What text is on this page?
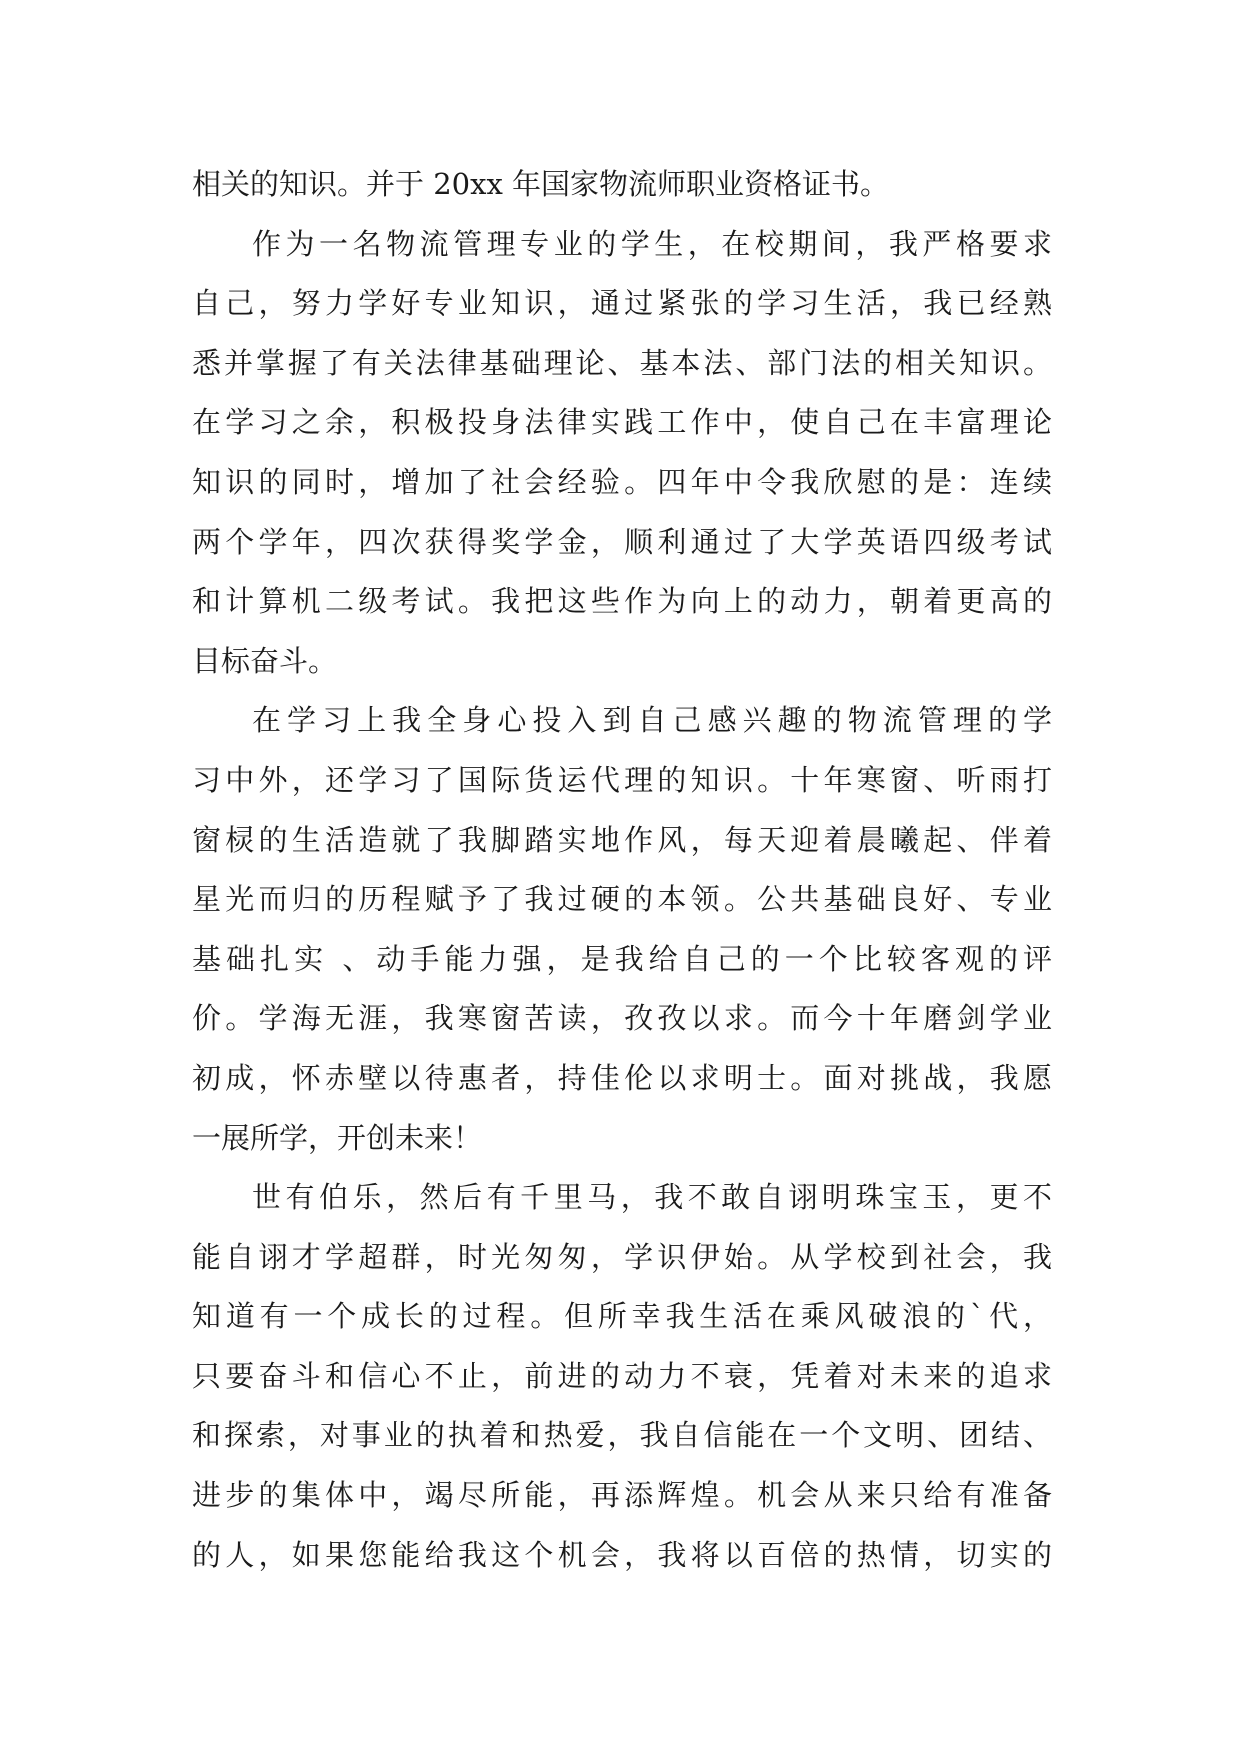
相关的知识。并于 20xx 年国家物流师职业资格证书。
作为一名物流管理专业的学生，在校期间，我严格要求
自己，努力学好专业知识，通过紧张的学习生活，我已经熟
悉并掌握了有关法律基础理论、基本法、部门法的相关知识。
在学习之余，积极投身法律实践工作中，使自己在丰富理论
知识的同时，增加了社会经验。四年中令我欣慰的是：连续
两个学年，四次获得奖学金，顺利通过了大学英语四级考试
和计算机二级考试。我把这些作为向上的动力，朝着更高的
目标奋斗。
在学习上我全身心投入到自己感兴趣的物流管理的学
习中外，还学习了国际货运代理的知识。十年寒窗、听雨打
窗棂的生活造就了我脚踏实地作风，每天迎着晨曦起、伴着
星光而归的历程赋予了我过硬的本领。公共基础良好、专业
基础扎实 、动手能力强，是我给自己的一个比较客观的评
价。学海无涯，我寒窗苦读，孜孜以求。而今十年磨剑学业
初成，怀赤壁以待惠者，持佳伦以求明士。面对挑战，我愿
一展所学，开创未来！
世有伯乐，然后有千里马，我不敢自诩明珠宝玉，更不
能自诩才学超群，时光匆匆，学识伊始。从学校到社会，我
知道有一个成长的过程。但所幸我生活在乘风破浪的`代，
只要奋斗和信心不止，前进的动力不衰，凭着对未来的追求
和探索，对事业的执着和热爱，我自信能在一个文明、团结、
进步的集体中，竭尽所能，再添辉煌。机会从来只给有准备
的人，如果您能给我这个机会，我将以百倍的热情，切实的
